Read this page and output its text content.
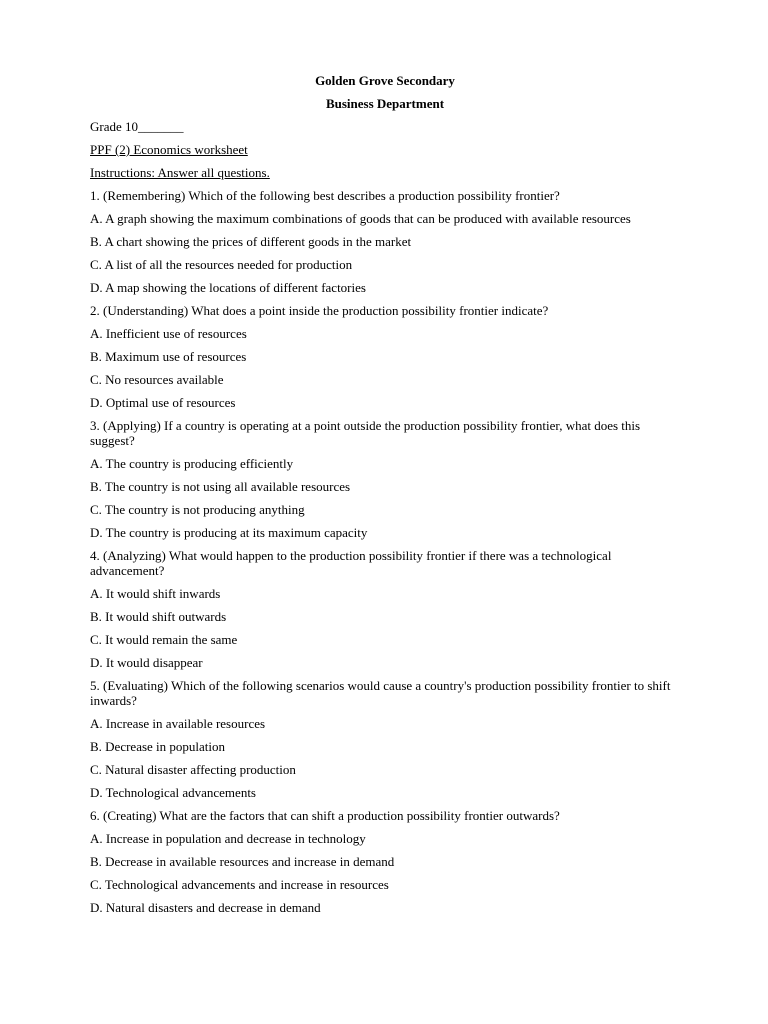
Golden Grove Secondary
Business Department

Grade 10_______

PPF (2) Economics worksheet

Instructions: Answer all questions.

1. (Remembering) Which of the following best describes a production possibility frontier?

A. A graph showing the maximum combinations of goods that can be produced with available resources

B. A chart showing the prices of different goods in the market

C. A list of all the resources needed for production

D. A map showing the locations of different factories

2. (Understanding) What does a point inside the production possibility frontier indicate?

A. Inefficient use of resources

B. Maximum use of resources

C. No resources available

D. Optimal use of resources

3. (Applying) If a country is operating at a point outside the production possibility frontier, what does this suggest?

A. The country is producing efficiently

B. The country is not using all available resources

C. The country is not producing anything

D. The country is producing at its maximum capacity

4. (Analyzing) What would happen to the production possibility frontier if there was a technological advancement?

A. It would shift inwards

B. It would shift outwards

C. It would remain the same

D. It would disappear

5. (Evaluating) Which of the following scenarios would cause a country's production possibility frontier to shift inwards?

A. Increase in available resources

B. Decrease in population

C. Natural disaster affecting production

D. Technological advancements

6. (Creating) What are the factors that can shift a production possibility frontier outwards?

A. Increase in population and decrease in technology

B. Decrease in available resources and increase in demand

C. Technological advancements and increase in resources

D. Natural disasters and decrease in demand
